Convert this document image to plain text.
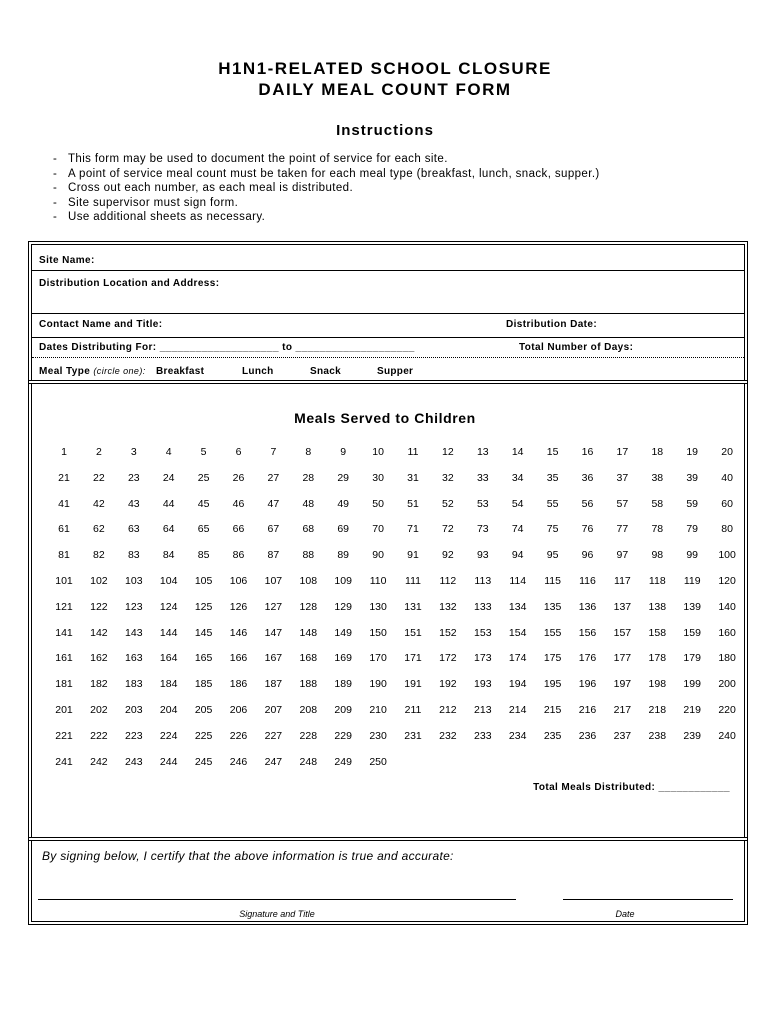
H1N1-RELATED SCHOOL CLOSURE
DAILY MEAL COUNT FORM
Instructions
- This form may be used to document the point of service for each site.
- A point of service meal count must be taken for each meal type (breakfast, lunch, snack, supper.)
- Cross out each number, as each meal is distributed.
- Site supervisor must sign form.
- Use additional sheets as necessary.
Site Name:
Distribution Location and Address:
Contact Name and Title:	Distribution Date:
Dates Distributing For: ____________________ to ____________________	Total Number of Days:
Meal Type (circle one): Breakfast	Lunch	Snack	Supper
Meals Served to Children
1	2	3	4	5	6	7	8	9	10	11	12	13	14	15	16	17	18	19	20
21	22	23	24	25	26	27	28	29	30	31	32	33	34	35	36	37	38	39	40
41	42	43	44	45	46	47	48	49	50	51	52	53	54	55	56	57	58	59	60
61	62	63	64	65	66	67	68	69	70	71	72	73	74	75	76	77	78	79	80
81	82	83	84	85	86	87	88	89	90	91	92	93	94	95	96	97	98	99	100
101	102	103	104	105	106	107	108	109	110	111	112	113	114	115	116	117	118	119	120
121	122	123	124	125	126	127	128	129	130	131	132	133	134	135	136	137	138	139	140
141	142	143	144	145	146	147	148	149	150	151	152	153	154	155	156	157	158	159	160
161	162	163	164	165	166	167	168	169	170	171	172	173	174	175	176	177	178	179	180
181	182	183	184	185	186	187	188	189	190	191	192	193	194	195	196	197	198	199	200
201	202	203	204	205	206	207	208	209	210	211	212	213	214	215	216	217	218	219	220
221	222	223	224	225	226	227	228	229	230	231	232	233	234	235	236	237	238	239	240
241	242	243	244	245	246	247	248	249	250
Total Meals Distributed: ____________
By signing below, I certify that the above information is true and accurate:
Signature and Title	Date
